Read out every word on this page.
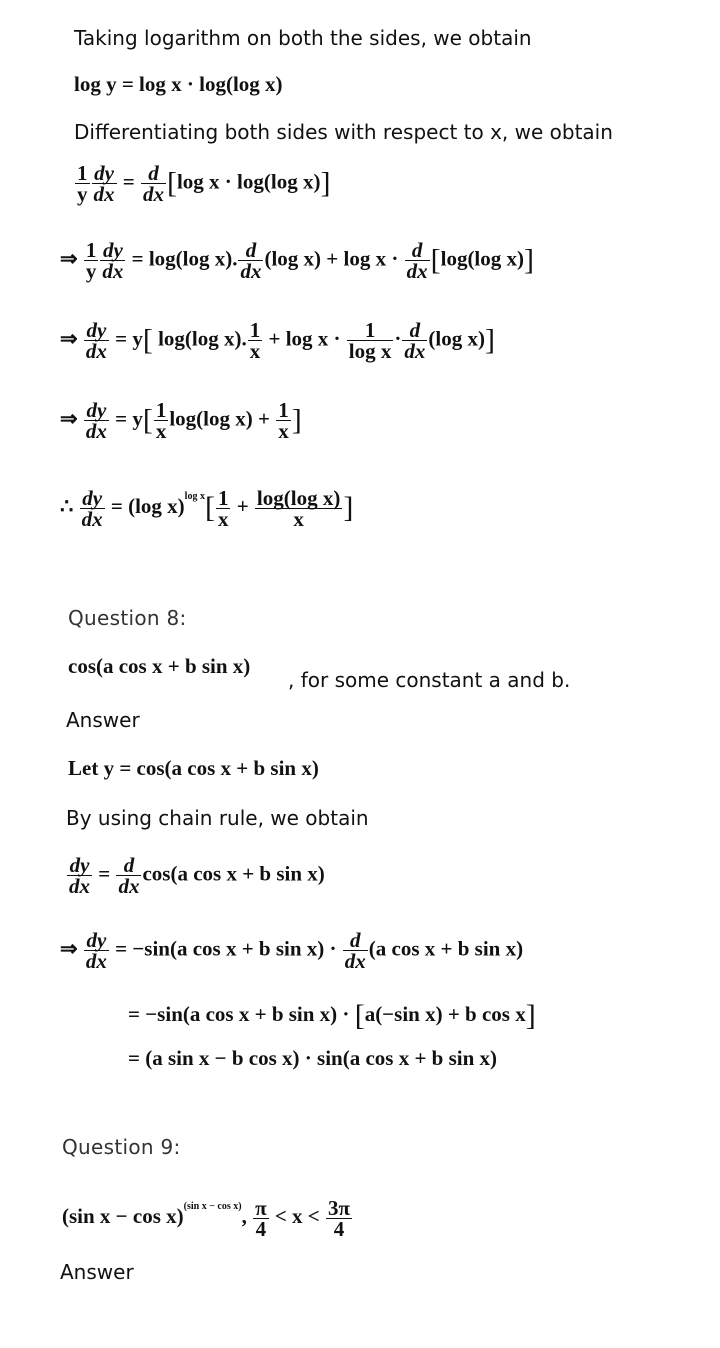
Taking logarithm on both the sides, we obtain
log y = log x · log(log x)
Differentiating both sides with respect to x, we obtain
$\frac{1}{y} \frac{dy}{dx} = \frac{d}{dx} [\log$ x · log(log x)]
⇒ $\frac{1}{y} \frac{dy}{dx} = \log(\log$ x). $\frac{d}{dx} (\log$ $x) + \log x \cdot \frac{d}{dx} [\log(\log$ x)]
⇒ $\frac{dy}{dx} = y$[ log(log x). $\frac{1}{x} + \log x \cdot \frac{1}{\text{log x}} \cdot \frac{d}{dx} (\log$ x)]
⇒ $\frac{dy}{dx} = y[ \frac{1}{x} \log(\log$ $x) + \frac{1}{x}$ ]
∴ $\frac{dy}{dx} = (\log$ $x)^{log x}[ \frac{1}{x} + \frac{\text{log(log x)}}{x}$ ]
Question 8:
cos(a cos x + b sin x)
, for some constant a and b.
Answer
Let y = cos(a cos x + b sin x)
By using chain rule, we obtain
$\frac{dy}{dx} = \frac{d}{dx} \cos(a$ cos x + b sin x)
⇒ $\frac{dy}{dx} = -\sin(a$ cos x + b $\sin x) \cdot \frac{d}{dx} (a$ cos x + b sin x)
= −sin(a cos x + b sin x) · [a(−sin x) + b cos x]
= (a sin x − b cos x) · sin(a cos x + b sin x)
Question 9:
(sin x − cos x)$^{(sin x - cos x)}$, $\frac{\pi}{4} < x < \frac{3\pi}{4}$
Answer
